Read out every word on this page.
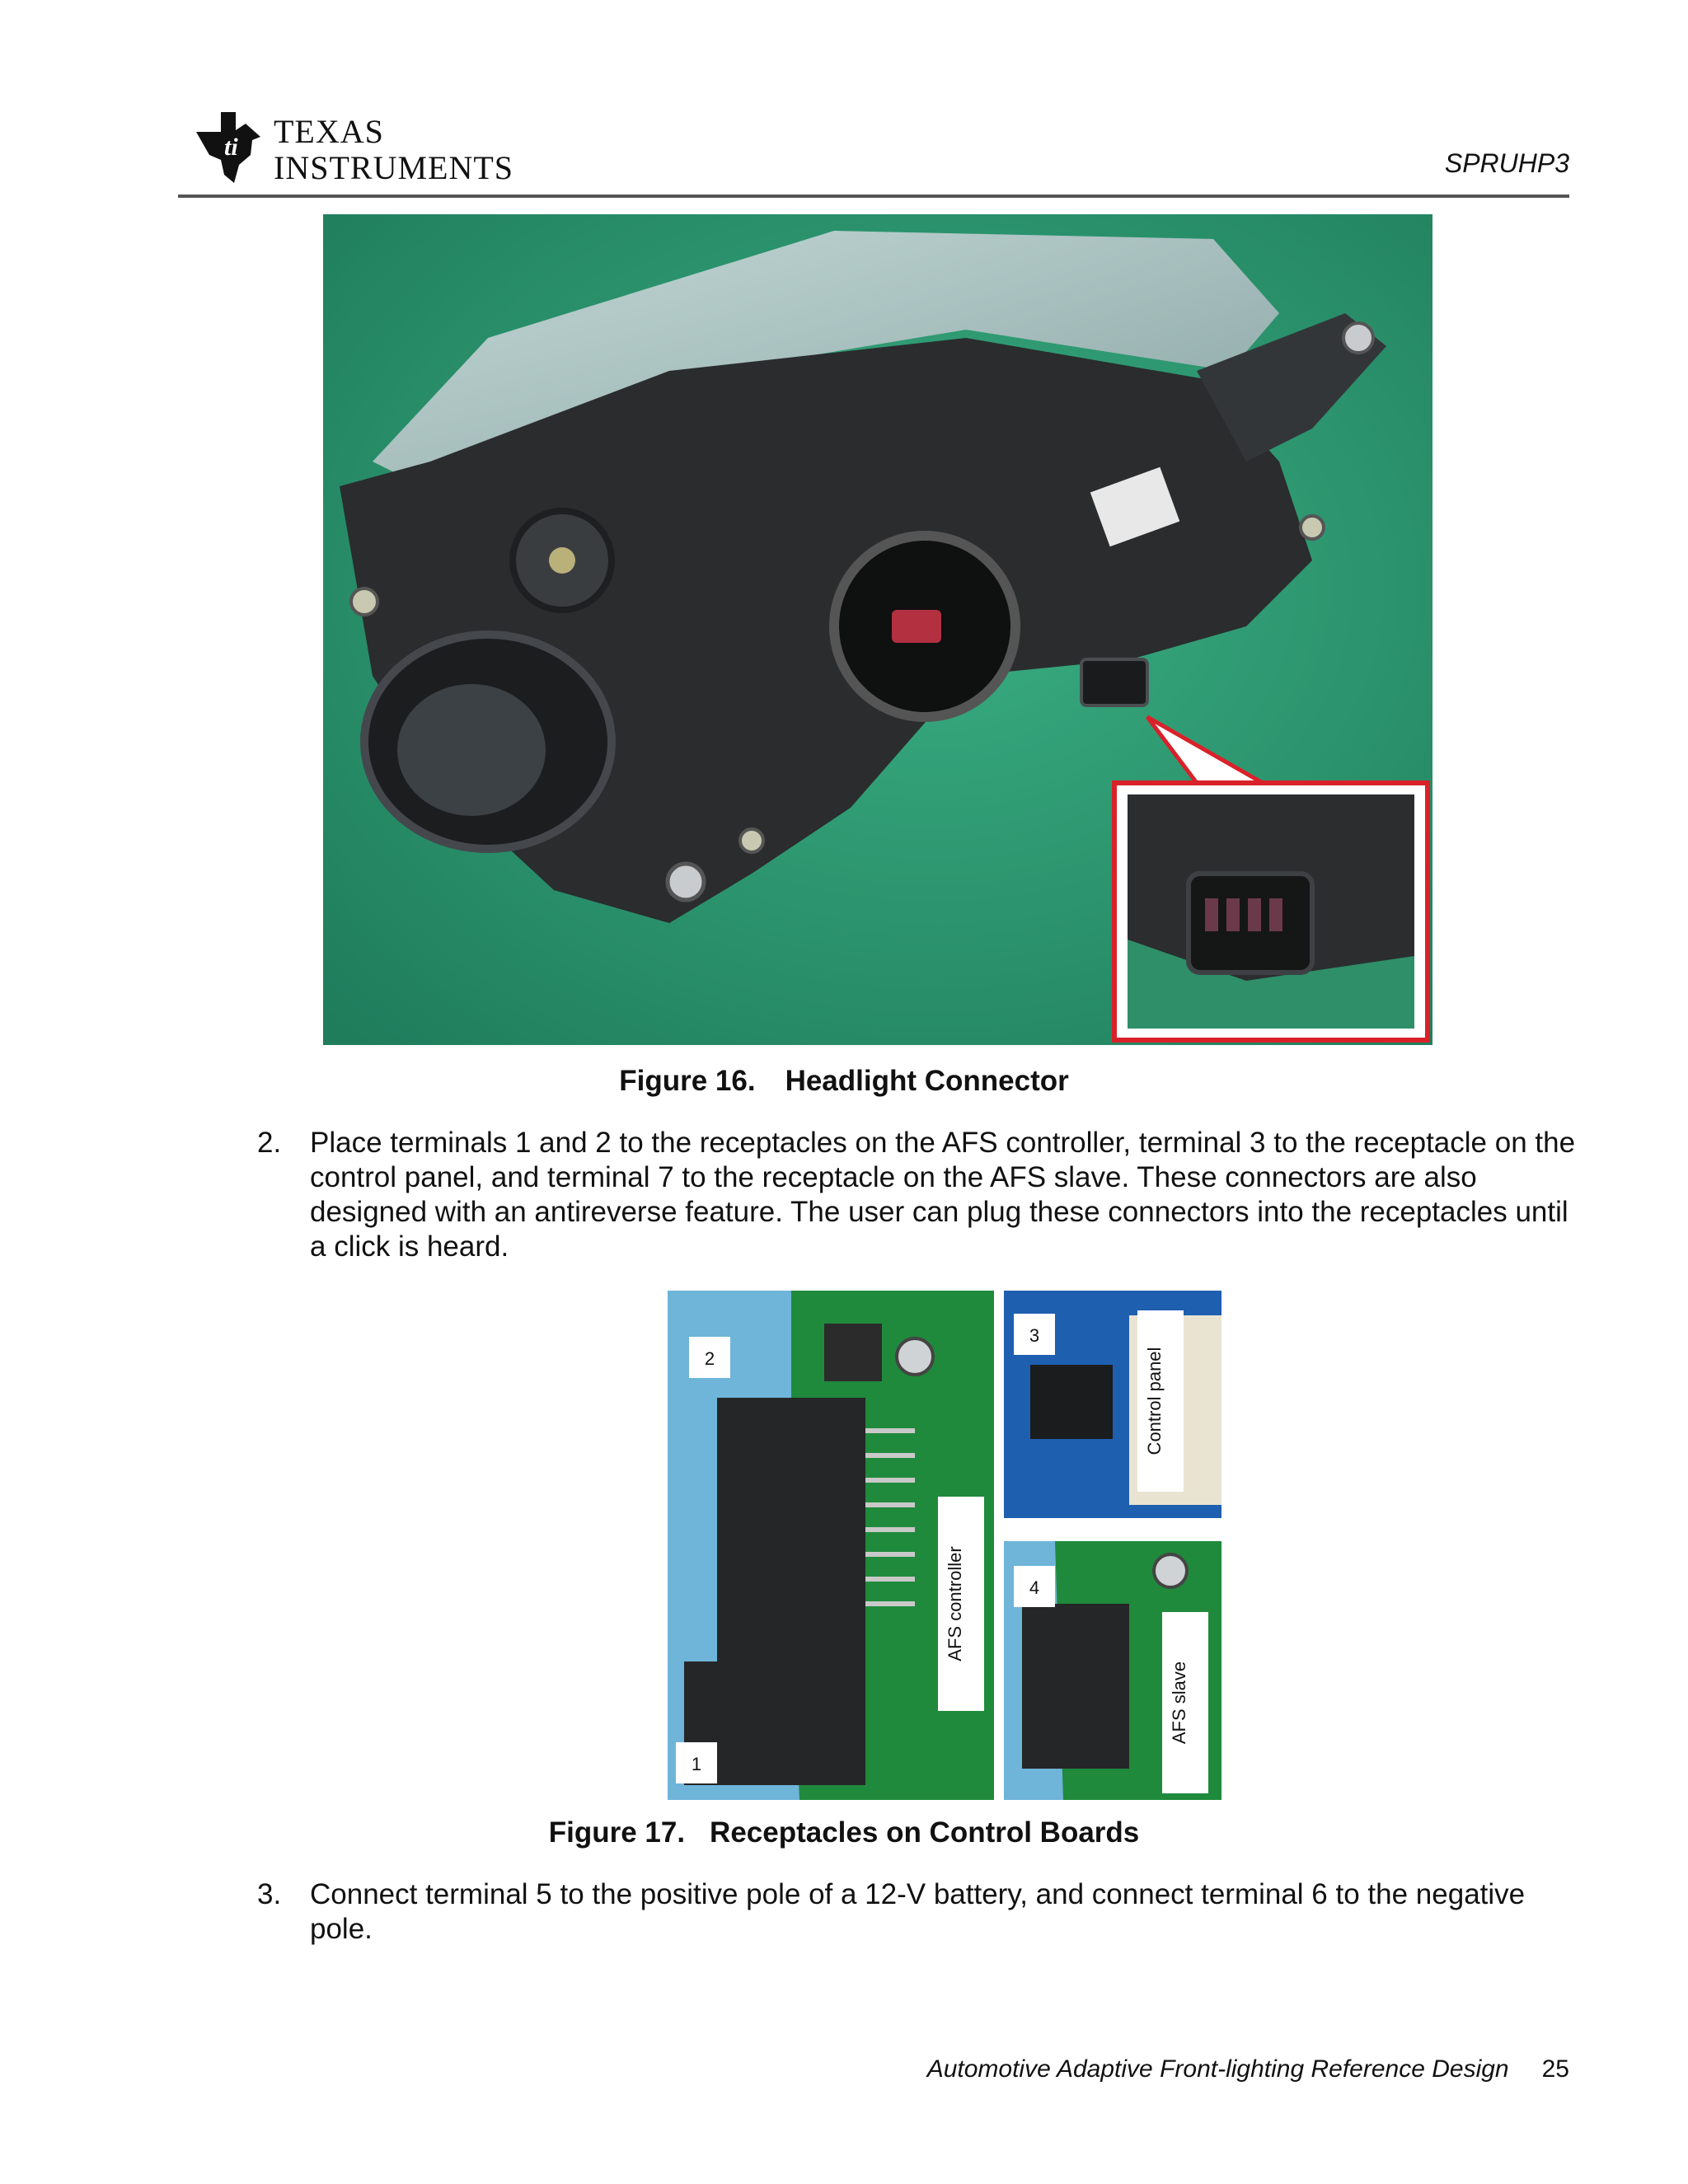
ti TEXAS
INSTRUMENTS	SPRUHP3
Figure 16. Headlight Connector
2. Place terminals 1 and 2 to the receptacles on the AFS controller, terminal 3 to the receptacle on the control panel, and terminal 7 to the receptacle on the AFS slave. These connectors are also designed with an antireverse feature. The user can plug these connectors into the receptacles until a click is heard.
AFS controller
2
1
Control panel
3
AFS slave
4
Figure 17. Receptacles on Control Boards
3. Connect terminal 5 to the positive pole of a 12-V battery, and connect terminal 6 to the negative pole.
Automotive Adaptive Front-lighting Reference Design 25
